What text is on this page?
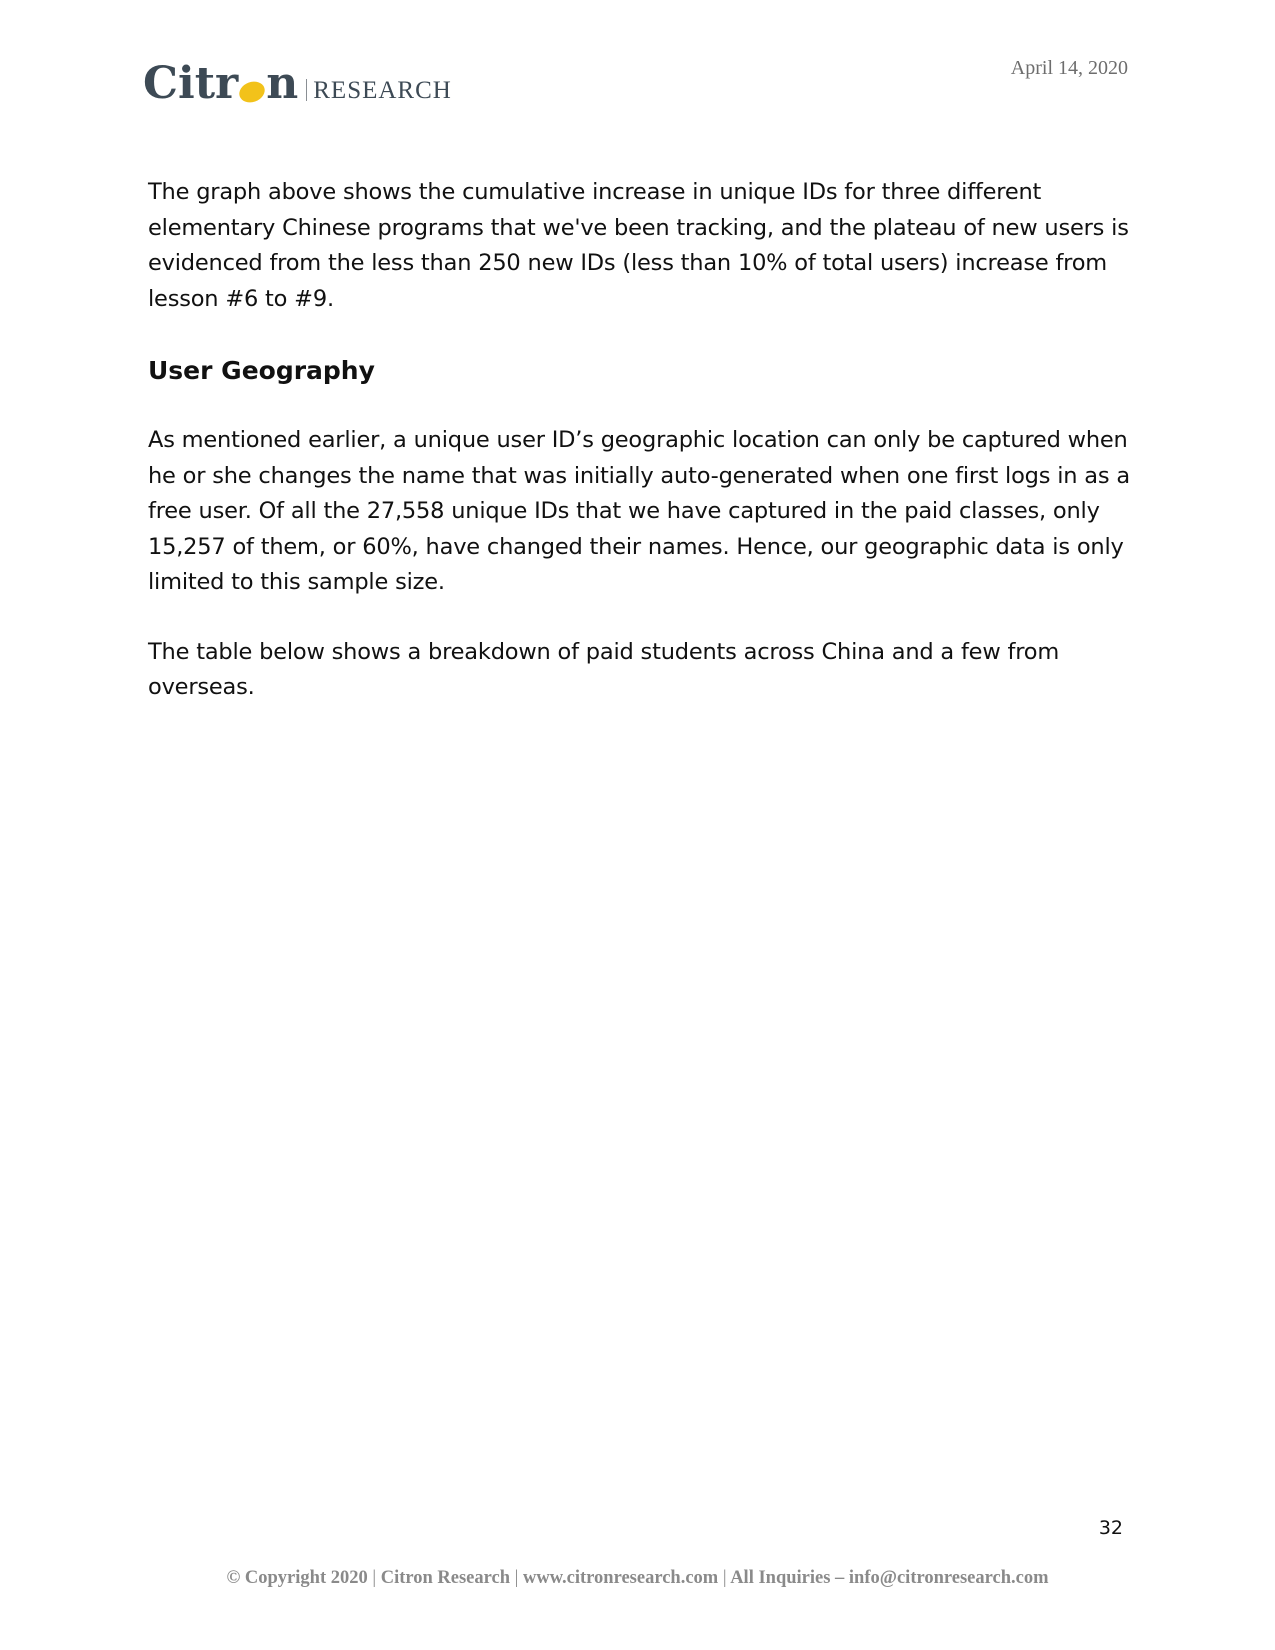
Citr n RESEARCH
April 14, 2020

The graph above shows the cumulative increase in unique IDs for three different elementary Chinese programs that we've been tracking, and the plateau of new users is evidenced from the less than 250 new IDs (less than 10% of total users) increase from lesson #6 to #9.

User Geography

As mentioned earlier, a unique user ID’s geographic location can only be captured when he or she changes the name that was initially auto-generated when one first logs in as a free user. Of all the 27,558 unique IDs that we have captured in the paid classes, only 15,257 of them, or 60%, have changed their names. Hence, our geographic data is only limited to this sample size.

The table below shows a breakdown of paid students across China and a few from overseas.

32
© Copyright 2020 | Citron Research | www.citronresearch.com | All Inquiries – info@citronresearch.com
